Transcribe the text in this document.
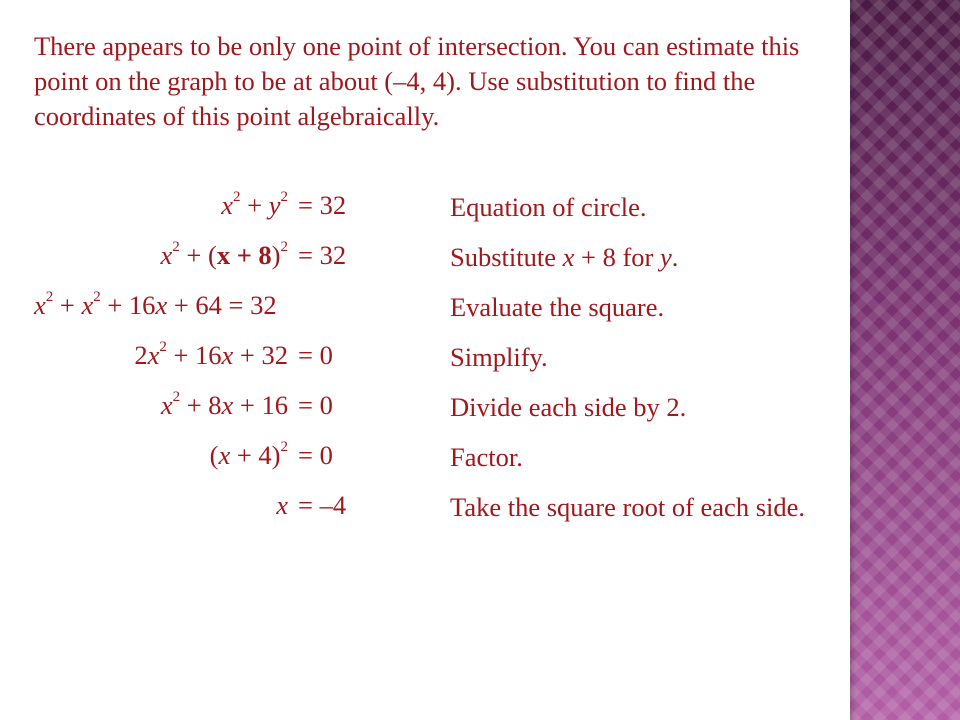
There appears to be only one point of intersection. You can estimate this point on the graph to be at about (–4, 4). Use substitution to find the coordinates of this point algebraically.
$x^2 + y^2 = 32$	Equation of circle.
$x^2 + (x + 8)^2 = 32$	Substitute x + 8 for y.
$x^2 + x^2 + 16x + 64 = 32$	Evaluate the square.
$2x^2 + 16x + 32 = 0$	Simplify.
$x^2 + 8x + 16 = 0$	Divide each side by 2.
$(x + 4)^2 = 0$	Factor.
x = –4	Take the square root of each side.
